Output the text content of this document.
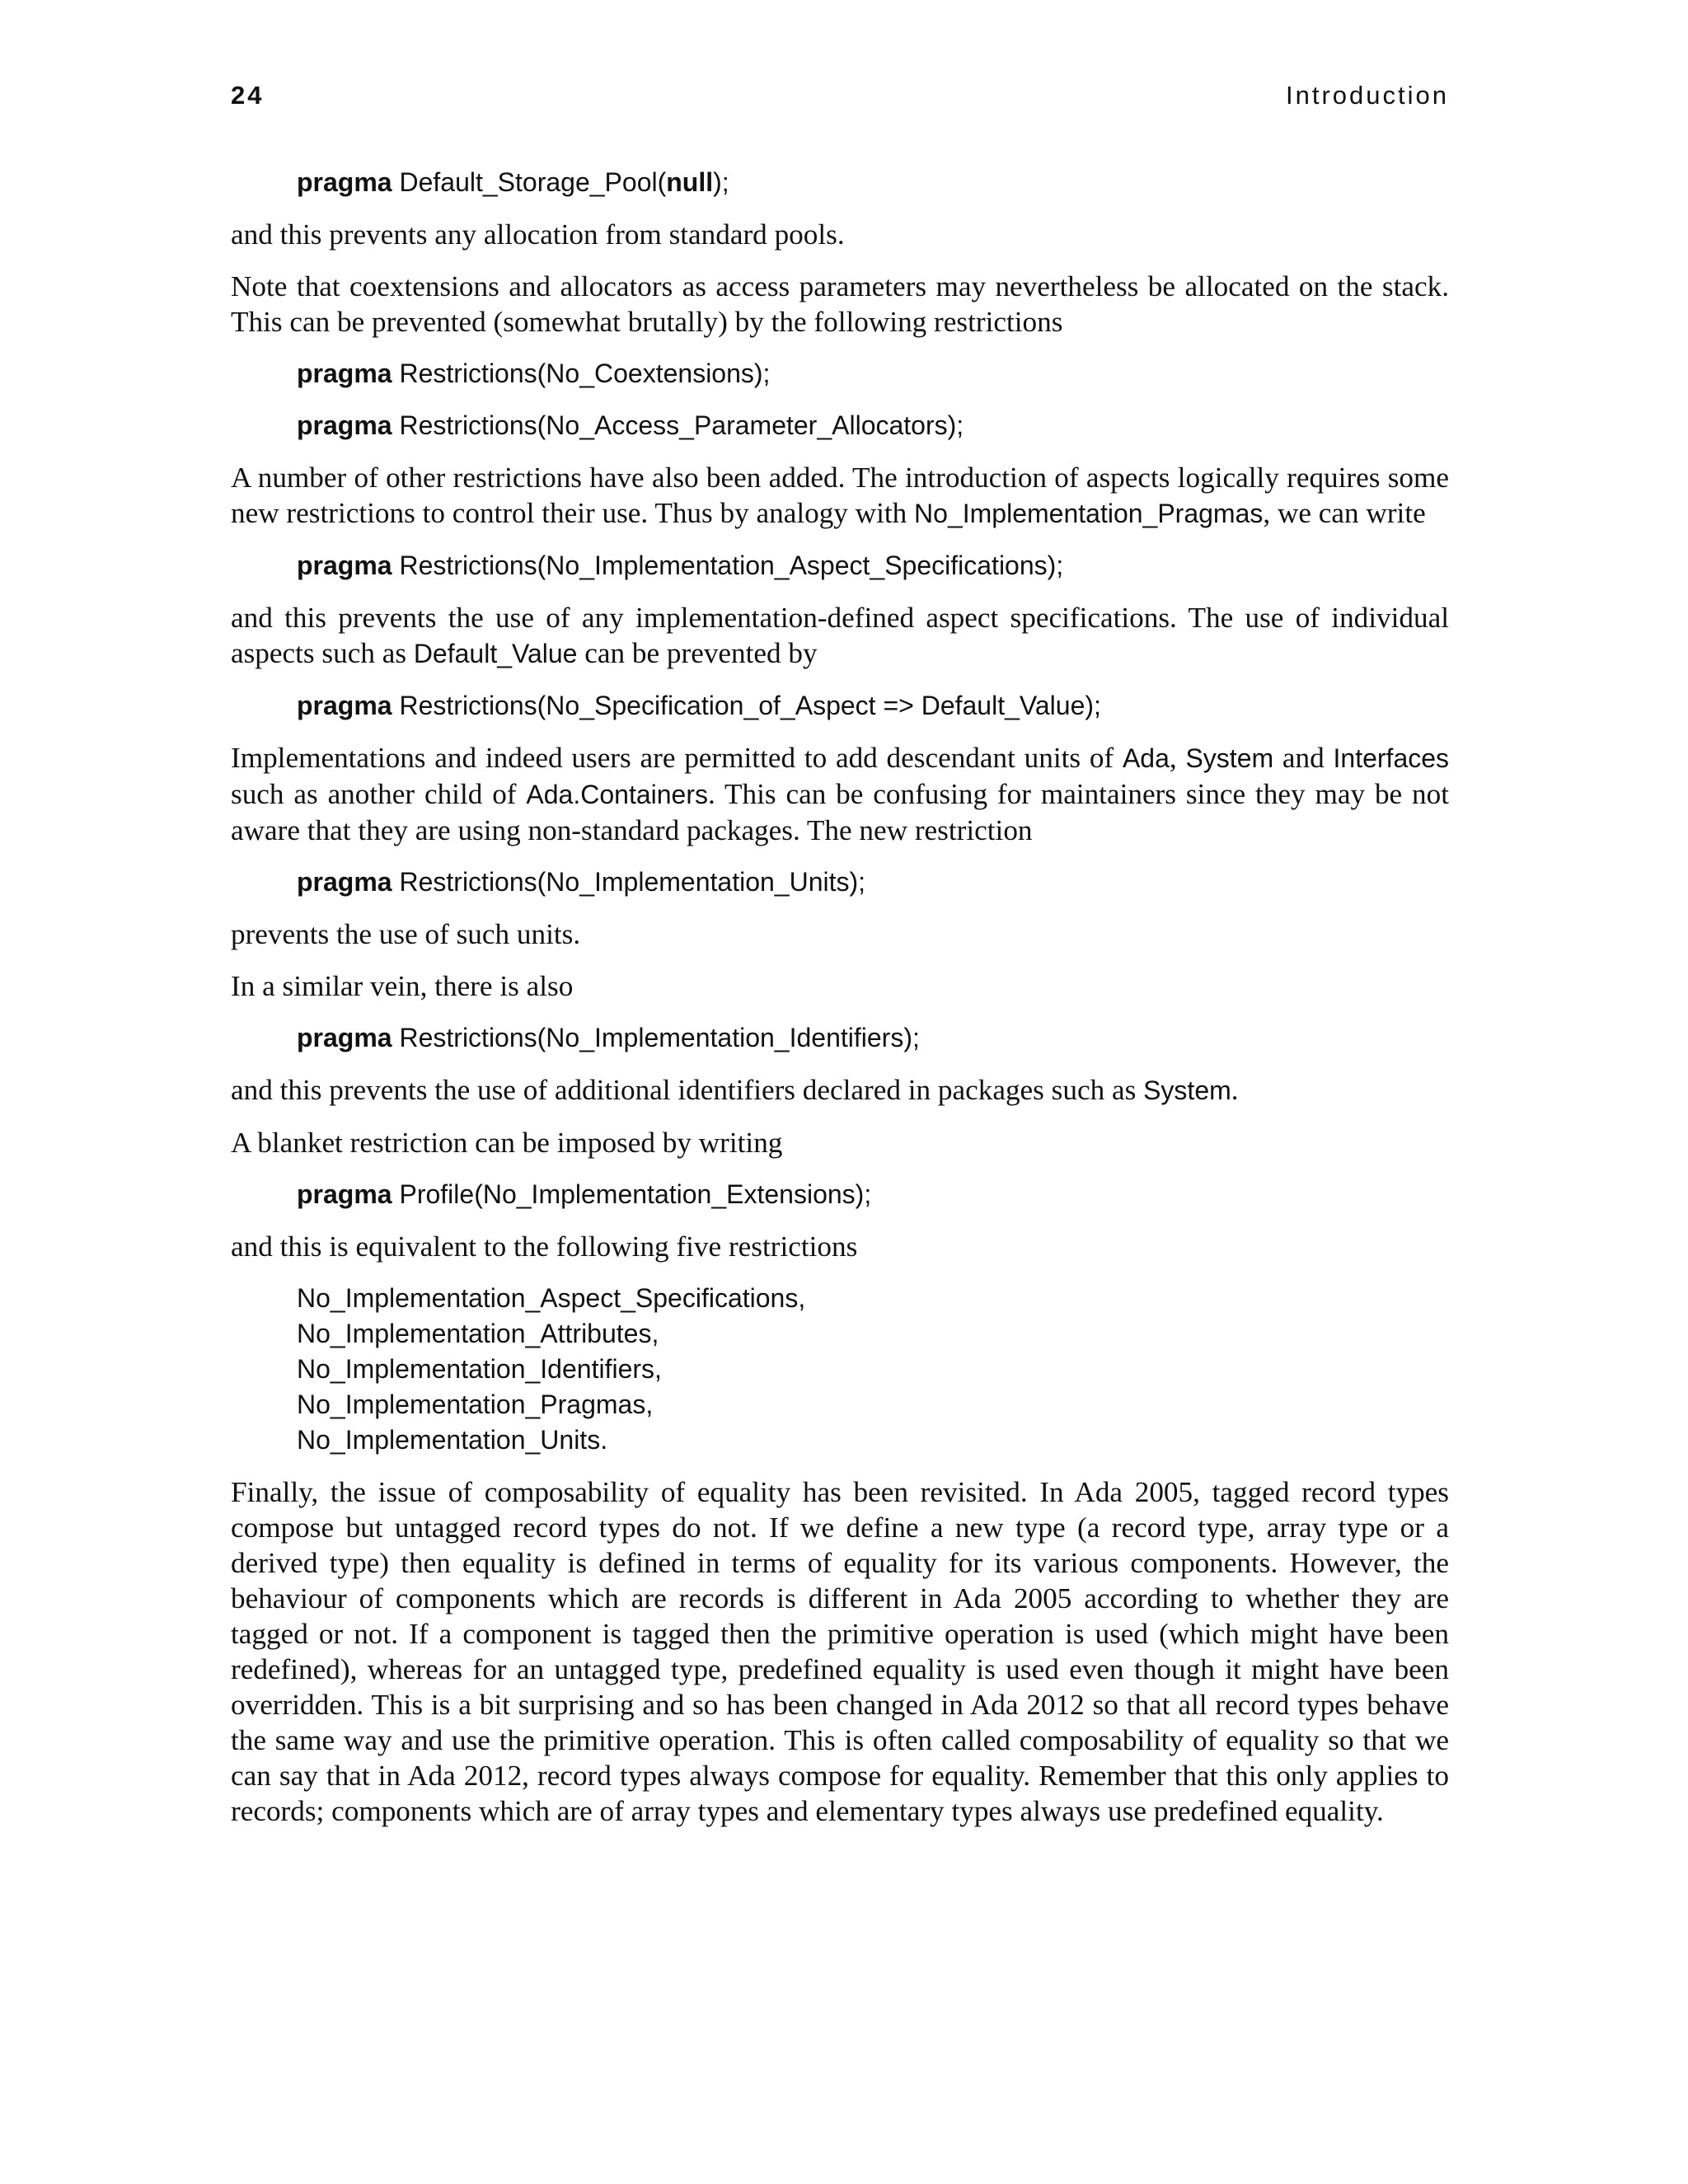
24	Introduction
pragma Default_Storage_Pool(null);

and this prevents any allocation from standard pools.

Note that coextensions and allocators as access parameters may nevertheless be allocated on the stack. This can be prevented (somewhat brutally) by the following restrictions

pragma Restrictions(No_Coextensions);
pragma Restrictions(No_Access_Parameter_Allocators);

A number of other restrictions have also been added. The introduction of aspects logically requires some new restrictions to control their use. Thus by analogy with No_Implementation_Pragmas, we can write

pragma Restrictions(No_Implementation_Aspect_Specifications);

and this prevents the use of any implementation-defined aspect specifications. The use of individual aspects such as Default_Value can be prevented by

pragma Restrictions(No_Specification_of_Aspect => Default_Value);

Implementations and indeed users are permitted to add descendant units of Ada, System and Interfaces such as another child of Ada.Containers. This can be confusing for maintainers since they may be not aware that they are using non-standard packages. The new restriction

pragma Restrictions(No_Implementation_Units);

prevents the use of such units.

In a similar vein, there is also

pragma Restrictions(No_Implementation_Identifiers);

and this prevents the use of additional identifiers declared in packages such as System.

A blanket restriction can be imposed by writing

pragma Profile(No_Implementation_Extensions);

and this is equivalent to the following five restrictions

No_Implementation_Aspect_Specifications,
No_Implementation_Attributes,
No_Implementation_Identifiers,
No_Implementation_Pragmas,
No_Implementation_Units.

Finally, the issue of composability of equality has been revisited. In Ada 2005, tagged record types compose but untagged record types do not. If we define a new type (a record type, array type or a derived type) then equality is defined in terms of equality for its various components. However, the behaviour of components which are records is different in Ada 2005 according to whether they are tagged or not. If a component is tagged then the primitive operation is used (which might have been redefined), whereas for an untagged type, predefined equality is used even though it might have been overridden. This is a bit surprising and so has been changed in Ada 2012 so that all record types behave the same way and use the primitive operation. This is often called composability of equality so that we can say that in Ada 2012, record types always compose for equality. Remember that this only applies to records; components which are of array types and elementary types always use predefined equality.
